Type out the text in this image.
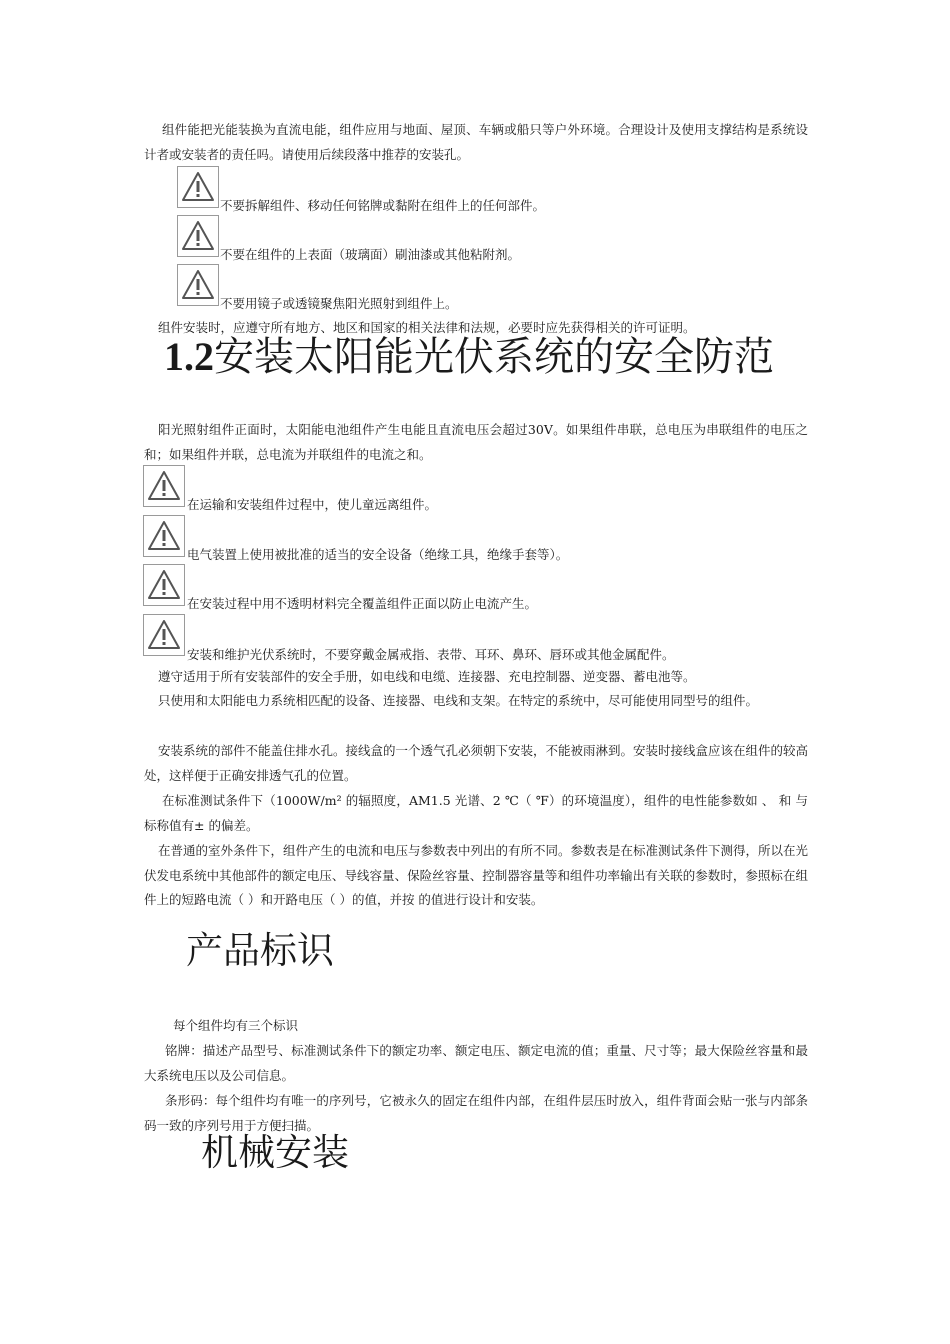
组件能把光能装换为直流电能，组件应用与地面、屋顶、车辆或船只等户外环境。合理设计及使用支撑结构是系统设计者或安装者的责任吗。请使用后续段落中推荐的安装孔。
不要拆解组件、移动任何铭牌或黏附在组件上的任何部件。
不要在组件的上表面（玻璃面）刷油漆或其他粘附剂。
不要用镜子或透镜聚焦阳光照射到组件上。
组件安装时，应遵守所有地方、地区和国家的相关法律和法规，必要时应先获得相关的许可证明。
1.2安装太阳能光伏系统的安全防范
阳光照射组件正面时，太阳能电池组件产生电能且直流电压会超过30V。如果组件串联，总电压为串联组件的电压之和；如果组件并联，总电流为并联组件的电流之和。
在运输和安装组件过程中，使儿童远离组件。
电气装置上使用被批准的适当的安全设备（绝缘工具，绝缘手套等）。
在安装过程中用不透明材料完全覆盖组件正面以防止电流产生。
安装和维护光伏系统时，不要穿戴金属戒指、表带、耳环、鼻环、唇环或其他金属配件。
遵守适用于所有安装部件的安全手册，如电线和电缆、连接器、充电控制器、逆变器、蓄电池等。
只使用和太阳能电力系统相匹配的设备、连接器、电线和支架。在特定的系统中，尽可能使用同型号的组件。
安装系统的部件不能盖住排水孔。接线盒的一个透气孔必须朝下安装，不能被雨淋到。安装时接线盒应该在组件的较高处，这样便于正确安排透气孔的位置。
在标准测试条件下（1000W/m² 的辐照度，AM1.5 光谱、2 ℃（ ℉）的环境温度），组件的电性能参数如 、 和 与标称值有± 的偏差。
在普通的室外条件下，组件产生的电流和电压与参数表中列出的有所不同。参数表是在标准测试条件下测得，所以在光伏发电系统中其他部件的额定电压、导线容量、保险丝容量、控制器容量等和组件功率输出有关联的参数时，参照标在组件上的短路电流（ ）和开路电压（ ）的值，并按 的值进行设计和安装。
产品标识
每个组件均有三个标识
铭牌：描述产品型号、标准测试条件下的额定功率、额定电压、额定电流的值；重量、尺寸等；最大保险丝容量和最大系统电压以及公司信息。
条形码：每个组件均有唯一的序列号，它被永久的固定在组件内部，在组件层压时放入，组件背面会贴一张与内部条码一致的序列号用于方便扫描。
机械安装
